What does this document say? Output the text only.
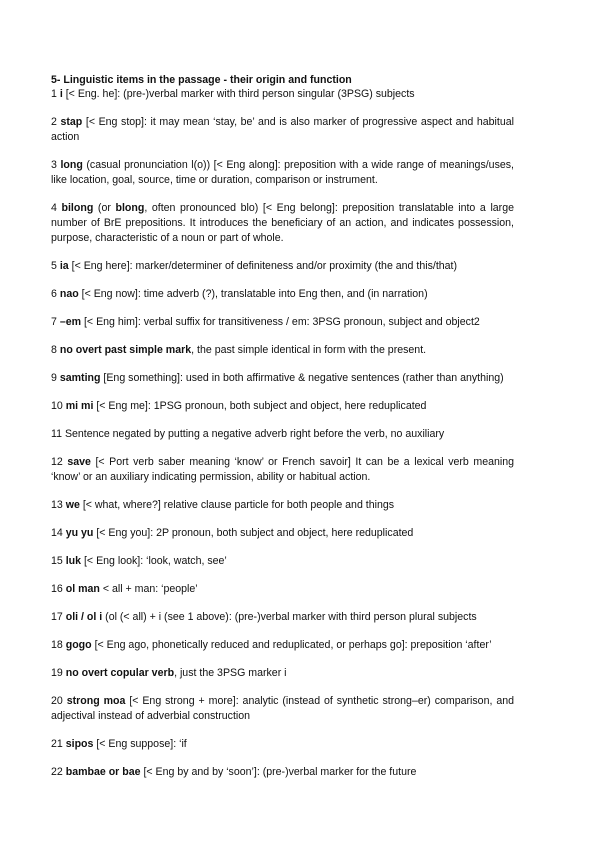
5- Linguistic items in the passage - their origin and function

1 i [< Eng. he]: (pre-)verbal marker with third person singular (3PSG) subjects

2 stap [< Eng stop]: it may mean ‘stay, be’ and is also marker of progressive aspect and habitual action

3 long (casual pronunciation l(o)) [< Eng along]: preposition with a wide range of meanings/uses, like location, goal, source, time or duration, comparison or instrument.

4 bilong (or blong, often pronounced blo) [< Eng belong]: preposition translatable into a large number of BrE prepositions. It introduces the beneficiary of an action, and indicates possession, purpose, characteristic of a noun or part of whole.

5 ia [< Eng here]: marker/determiner of definiteness and/or proximity (the and this/that)

6 nao [< Eng now]: time adverb (?), translatable into Eng then, and (in narration)

7 –em [< Eng him]: verbal suffix for transitiveness / em: 3PSG pronoun, subject and object2

8 no overt past simple mark, the past simple identical in form with the present.

9 samting [Eng something]: used in both affirmative & negative sentences (rather than anything)

10 mi mi [< Eng me]: 1PSG pronoun, both subject and object, here reduplicated

11 Sentence negated by putting a negative adverb right before the verb, no auxiliary

12 save [< Port verb saber meaning ‘know’ or French savoir] It can be a lexical verb meaning ‘know’ or an auxiliary indicating permission, ability or habitual action.

13 we [< what, where?] relative clause particle for both people and things

14 yu yu [< Eng you]: 2P pronoun, both subject and object, here reduplicated

15 luk [< Eng look]: ‘look, watch, see’

16 ol man < all + man: ‘people’

17 oli / ol i (ol (< all) + i (see 1 above): (pre-)verbal marker with third person plural subjects

18 gogo [< Eng ago, phonetically reduced and reduplicated, or perhaps go]: preposition ‘after’

19 no overt copular verb, just the 3PSG marker i

20 strong moa [< Eng strong + more]: analytic (instead of synthetic strong–er) comparison, and adjectival instead of adverbial construction

21 sipos [< Eng suppose]: ‘if

22 bambae or bae [< Eng by and by ‘soon’]: (pre-)verbal marker for the future
